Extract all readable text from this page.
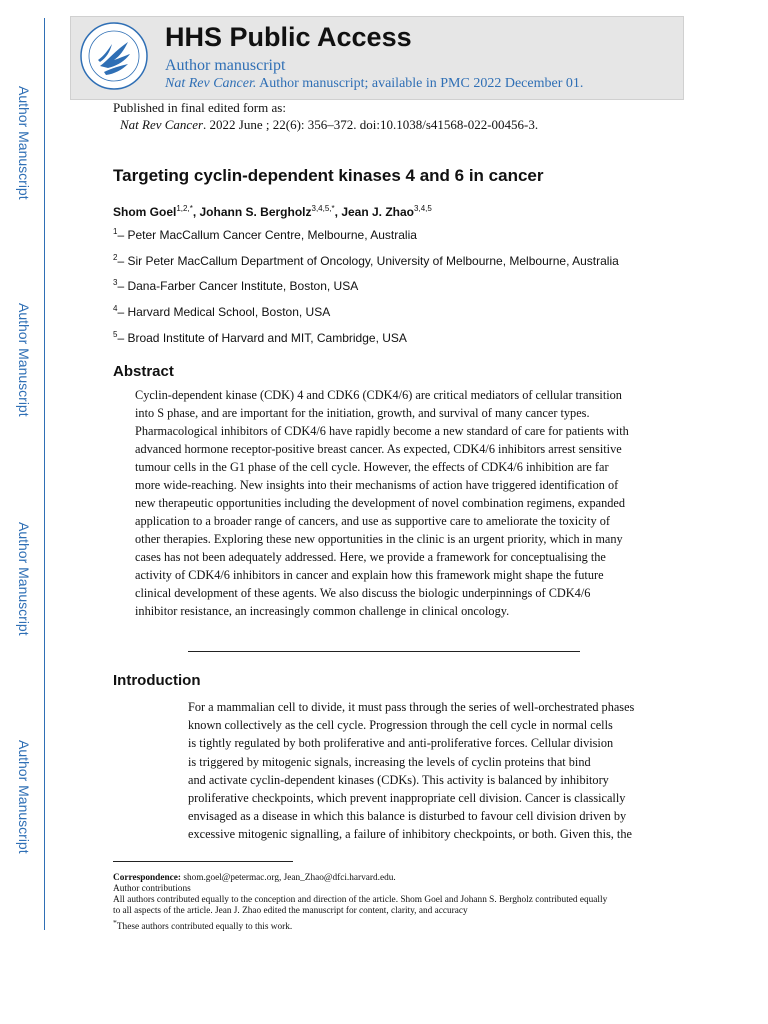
Author Manuscript
Author Manuscript
Author Manuscript
Author Manuscript
HHS Public Access
Author manuscript
Nat Rev Cancer. Author manuscript; available in PMC 2022 December 01.
Published in final edited form as:
Nat Rev Cancer. 2022 June ; 22(6): 356–372. doi:10.1038/s41568-022-00456-3.
Targeting cyclin-dependent kinases 4 and 6 in cancer
Shom Goel$^{1,2,*}$, Johann S. Bergholz$^{3,4,5,*}$, Jean J. Zhao$^{3,4,5}$
$^1$– Peter MacCallum Cancer Centre, Melbourne, Australia
$^2$– Sir Peter MacCallum Department of Oncology, University of Melbourne, Melbourne, Australia
$^3$– Dana-Farber Cancer Institute, Boston, USA
$^4$– Harvard Medical School, Boston, USA
$^5$– Broad Institute of Harvard and MIT, Cambridge, USA
Abstract

Cyclin-dependent kinase (CDK) 4 and CDK6 (CDK4/6) are critical mediators of cellular transition into S phase, and are important for the initiation, growth, and survival of many cancer types. Pharmacological inhibitors of CDK4/6 have rapidly become a new standard of care for patients with advanced hormone receptor-positive breast cancer. As expected, CDK4/6 inhibitors arrest sensitive tumour cells in the G1 phase of the cell cycle. However, the effects of CDK4/6 inhibition are far more wide-reaching. New insights into their mechanisms of action have triggered identification of new therapeutic opportunities including the development of novel combination regimens, expanded application to a broader range of cancers, and use as supportive care to ameliorate the toxicity of other therapies. Exploring these new opportunities in the clinic is an urgent priority, which in many cases has not been adequately addressed. Here, we provide a framework for conceptualising the activity of CDK4/6 inhibitors in cancer and explain how this framework might shape the future clinical development of these agents. We also discuss the biologic underpinnings of CDK4/6 inhibitor resistance, an increasingly common challenge in clinical oncology.

Introduction

For a mammalian cell to divide, it must pass through the series of well-orchestrated phases
known collectively as the cell cycle. Progression through the cell cycle in normal cells
is tightly regulated by both proliferative and anti-proliferative forces. Cellular division
is triggered by mitogenic signals, increasing the levels of cyclin proteins that bind
and activate cyclin-dependent kinases (CDKs). This activity is balanced by inhibitory
proliferative checkpoints, which prevent inappropriate cell division. Cancer is classically
envisaged as a disease in which this balance is disturbed to favour cell division driven by
excessive mitogenic signalling, a failure of inhibitory checkpoints, or both. Given this, the

Correspondence: shom.goel@petermac.org, Jean_Zhao@dfci.harvard.edu.
Author contributions
All authors contributed equally to the conception and direction of the article. Shom Goel and Johann S. Bergholz contributed equally
to all aspects of the article. Jean J. Zhao edited the manuscript for content, clarity, and accuracy
*These authors contributed equally to this work.
